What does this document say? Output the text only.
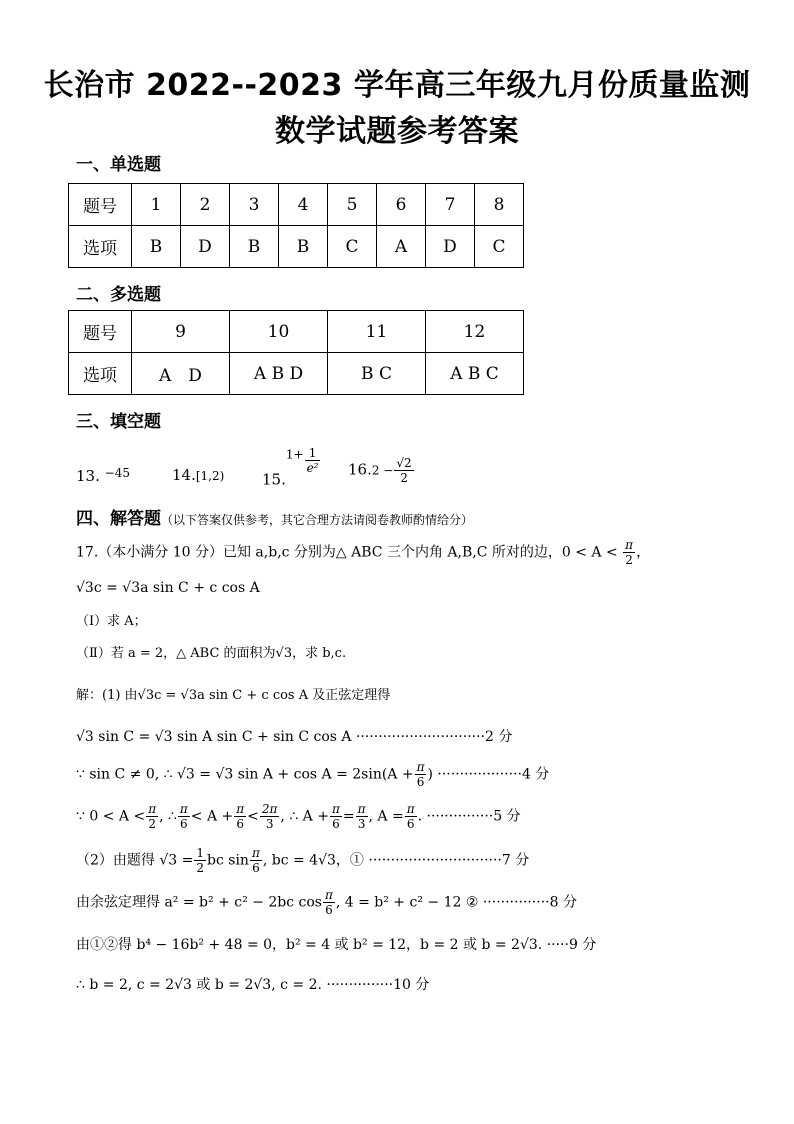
长治市 2022--2023 学年高三年级九月份质量监测
数学试题参考答案
一、单选题
题号	1	2	3	4	5	6	7	8
选项	B	D	B	B	C	A	D	C
二、多选题
题号	9	10	11	12
选项	A　D	A B D	B C	A B C
三、填空题
13. $^{-45}$	14.[1,2)	$15.^{1+} \frac{1}{\text{e²}} 16.2 - \frac{√2}{2}$
四、解答题（以下答案仅供参考，其它合理方法请阅卷教师酌情给分）
17.（本小满分 10 分）已知 a,b,c 分别为△ ABC 三个内角 A,B,C 所对的边，$0 < A < \frac{\pi}{2}$ ，
√3c = √3a sin C + c cos A
（Ⅰ）求 A；
（Ⅱ）若 a = 2，△ ABC 的面积为√3，求 b,c.
解：(1) 由√3c = √3a sin C + c cos A 及正弦定理得
√3 sin C = √3 sin A sin C + sin C cos A ·····························2 分
∵ sin C ≠ 0, ∴ √3 = √3 $\sin A + \cos A = 2\sin(A + \frac{\pi}{6}$ ) ···················4 分
∵ $0 < A < \frac{\pi}{2}$ , ∴ $\frac{\pi}{6} < A + \frac{\pi}{6} < \frac{2\pi}{3}$ , ∴ $A + \frac{\pi}{6} = \frac{\pi}{3}$ , $A = \frac{\pi}{6}$ . ···············5 分
（2）由题得 $√3 = \frac{1}{2}$ bc $\sin \frac{\pi}{6}$ , bc = 4√3，① ······························7 分
由余弦定理得 a² = b² + c² − 2bc $\cos \frac{\pi}{6}$ , 4 = b² + c² − 12 ② ···············8 分
由①②得 b⁴ − 16b² + 48 = 0，b² = 4 或 b² = 12，b = 2 或 b = 2√3. ·····9 分
∴ b = 2, c = 2√3 或 b = 2√3, c = 2. ···············10 分
